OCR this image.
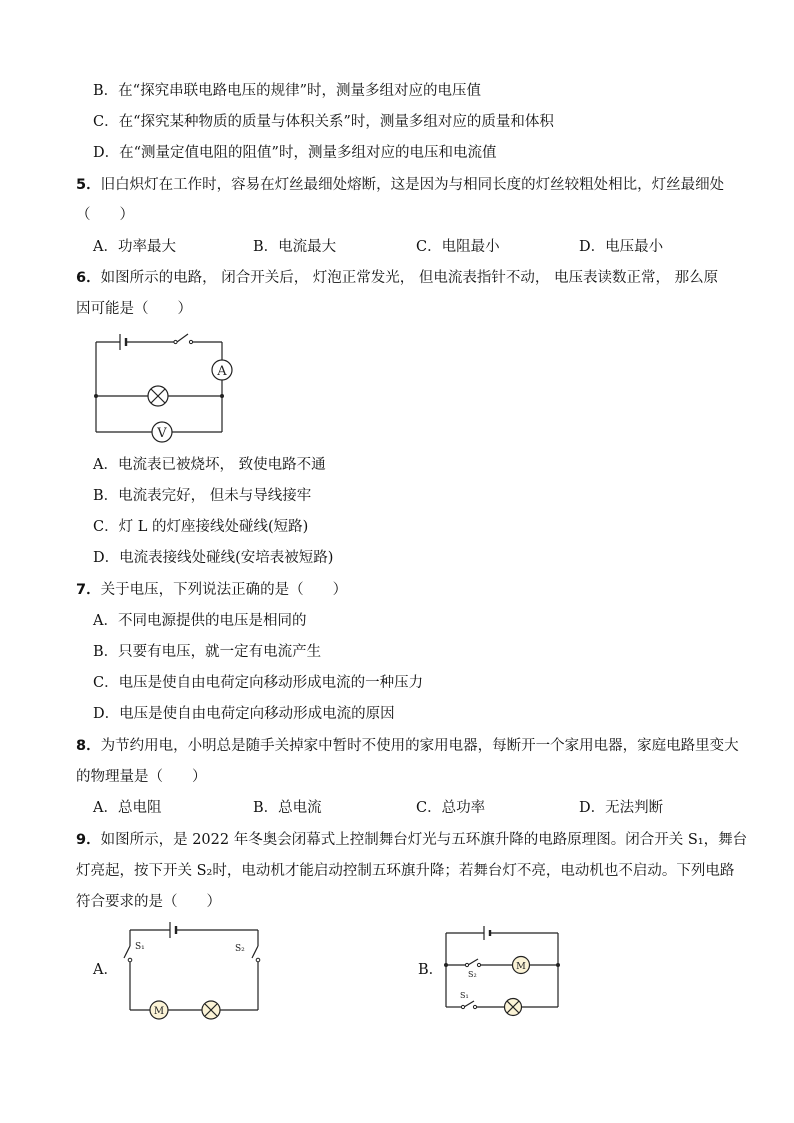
B．在“探究串联电路电压的规律”时，测量多组对应的电压值
C．在“探究某种物质的质量与体积关系”时，测量多组对应的质量和体积
D．在“测量定值电阻的阻值”时，测量多组对应的电压和电流值
5．旧白炽灯在工作时，容易在灯丝最细处熔断，这是因为与相同长度的灯丝较粗处相比，灯丝最细处
（　　）
A．功率最大	B．电流最大	C．电阻最小	D．电压最小
6．如图所示的电路， 闭合开关后， 灯泡正常发光， 但电流表指针不动， 电压表读数正常， 那么原
因可能是（　　）
A
V
A．电流表已被烧坏， 致使电路不通
B．电流表完好， 但未与导线接牢
C．灯 L 的灯座接线处碰线(短路)
D．电流表接线处碰线(安培表被短路)
7．关于电压，下列说法正确的是（　　）
A．不同电源提供的电压是相同的
B．只要有电压，就一定有电流产生
C．电压是使自由电荷定向移动形成电流的一种压力
D．电压是使自由电荷定向移动形成电流的原因
8．为节约用电，小明总是随手关掉家中暂时不使用的家用电器，每断开一个家用电器，家庭电路里变大
的物理量是（　　）
A．总电阻	B．总电流	C．总功率	D．无法判断
9．如图所示，是 2022 年冬奥会闭幕式上控制舞台灯光与五环旗升降的电路原理图。闭合开关 S₁，舞台
灯亮起，按下开关 S₂时，电动机才能启动控制五环旗升降；若舞台灯不亮，电动机也不启动。下列电路
符合要求的是（　　）
A．
S₁	S₂
M
B．	S₂
S₁
M
